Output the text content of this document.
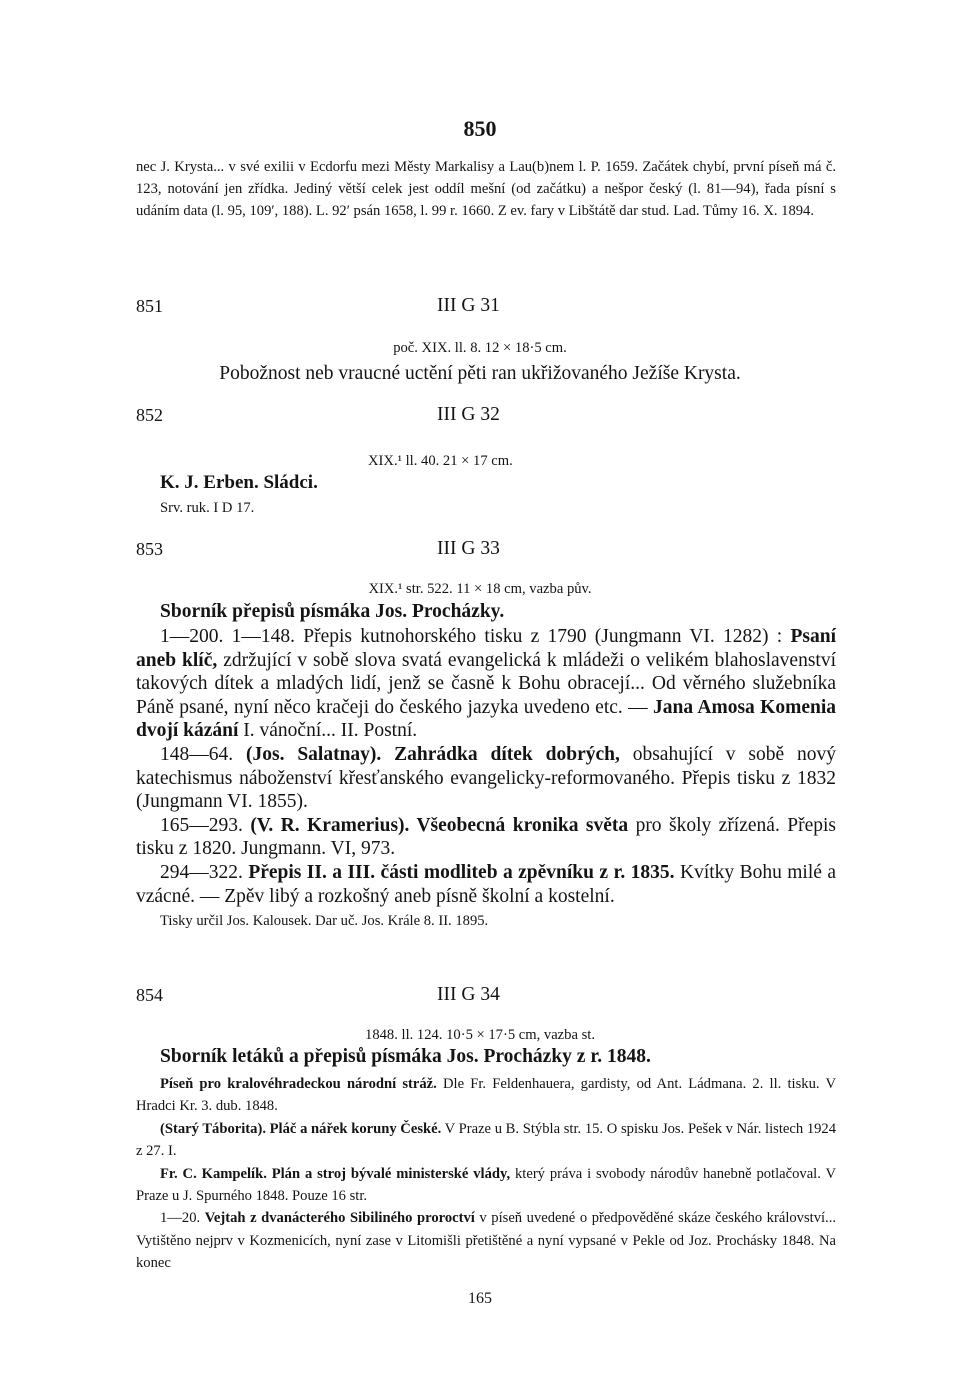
850

nec J. Krysta... v své exilii v Ecdorfu mezi Městy Markalisy a Lau(b)nem l. P. 1659. Začátek chybí, první píseň má č. 123, notování jen zřídka. Jediný větší celek jest oddíl mešní (od začátku) a nešpor český (l. 81—94), řada písní s udáním data (l. 95, 109′, 188). L. 92′ psán 1658, l. 99 r. 1660. Z ev. fary v Libštátě dar stud. Lad. Tůmy 16. X. 1894.

851	III G 31

poč. XIX. ll. 8. 12 × 18·5 cm.

Pobožnost neb vraucné uctění pěti ran ukřižovaného Ježíše Krysta.

852	III G 32

XIX.¹ ll. 40. 21 × 17 cm.

K. J. Erben. Sládci.

Srv. ruk. I D 17.

853	III G 33

XIX.¹ str. 522. 11 × 18 cm, vazba pův.

Sborník přepisů písmáka Jos. Procházky.

1—200. 1—148. Přepis kutnohorského tisku z 1790 (Jungmann VI. 1282) : Psaní aneb klíč, zdržující v sobě slova svatá evangelická k mládeži o velikém blahoslavenství takových dítek a mladých lidí, jenž se časně k Bohu obracejí... Od věrného služebníka Páně psané, nyní něco kračeji do českého jazyka uvedeno etc. — Jana Amosa Komenia dvojí kázání I. vánoční... II. Postní.

148—64. (Jos. Salatnay). Zahrádka dítek dobrých, obsahující v sobě nový katechismus náboženství křesťanského evangelicky-reformovaného. Přepis tisku z 1832 (Jungmann VI. 1855).

165—293. (V. R. Kramerius). Všeobecná kronika světa pro školy zřízená. Přepis tisku z 1820. Jungmann. VI, 973.

294—322. Přepis II. a III. části modliteb a zpěvníku z r. 1835. Kvítky Bohu milé a vzácné. — Zpěv libý a rozkošný aneb písně školní a kostelní.

Tisky určil Jos. Kalousek. Dar uč. Jos. Krále 8. II. 1895.

854	III G 34

1848. ll. 124. 10·5 × 17·5 cm, vazba st.

Sborník letáků a přepisů písmáka Jos. Procházky z r. 1848.

Píseň pro kralovéhradeckou národní stráž. Dle Fr. Feldenhauera, gardisty, od Ant. Ládmana. 2. ll. tisku. V Hradci Kr. 3. dub. 1848.

(Starý Táborita). Pláč a nářek koruny České. V Praze u B. Stýbla str. 15. O spisku Jos. Pešek v Nár. listech 1924 z 27. I.

Fr. C. Kampelík. Plán a stroj bývalé ministerské vlády, který práva i svobody národův hanebně potlačoval. V Praze u J. Spurného 1848. Pouze 16 str.

1—20. Vejtah z dvanácterého Sibiliného proroctví v píseň uvedené o předpověděné skáze českého království... Vytištěno nejprv v Kozmenicích, nyní zase v Litomišli přetištěné a nyní vypsané v Pekle od Joz. Prochásky 1848. Na konec

165
